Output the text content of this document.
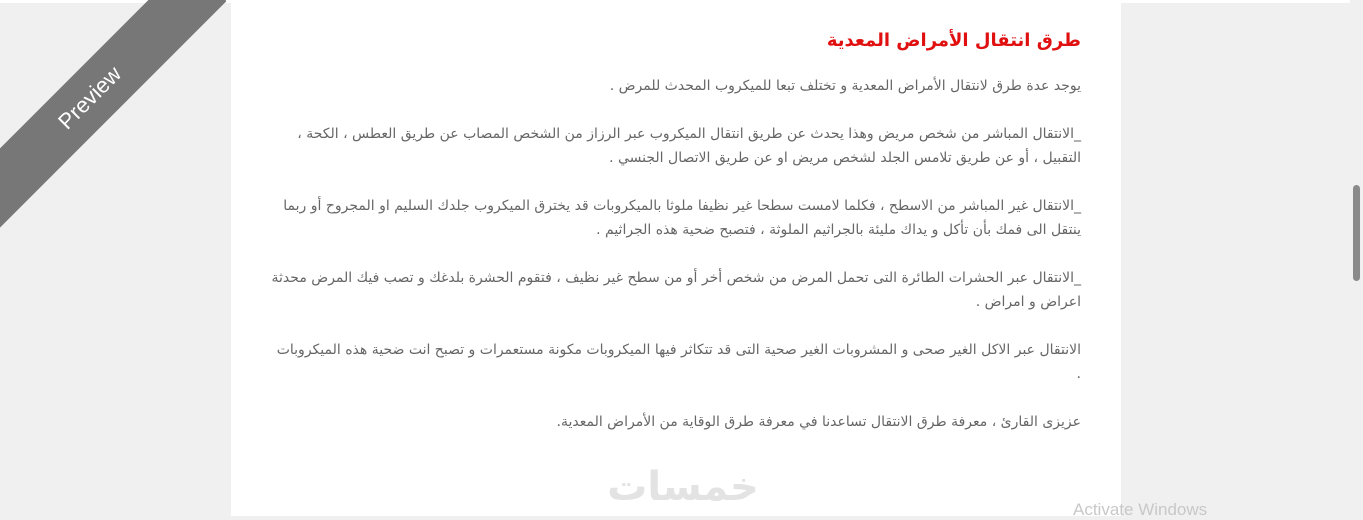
Preview
طرق انتقال الأمراض المعدية

يوجد عدة طرق لانتقال الأمراض المعدية و تختلف تبعا للميكروب المحدث للمرض .

_الانتقال المباشر من شخص مريض وهذا يحدث عن طريق انتقال الميكروب عبر الرزاز من الشخص المصاب عن طريق العطس ، الكحة ، التقبيل ، أو عن طريق تلامس الجلد لشخص مريض او عن طريق الاتصال الجنسي .

_الانتقال غير المباشر من الاسطح ، فكلما لامست سطحا غير نظيفا ملوثا بالميكروبات قد يخترق الميكروب جلدك السليم او المجروح أو ربما ينتقل الى فمك بأن تأكل و يداك مليئة بالجراثيم الملوثة ، فتصبح ضحية هذه الجراثيم .

_الانتقال عبر الحشرات الطائرة التى تحمل المرض من شخص أخر أو من سطح غير نظيف ، فتقوم الحشرة بلدغك و تصب فيك المرض محدثة اعراض و امراض .

الانتقال عبر الاكل الغير صحى و المشروبات الغير صحية التى قد تتكاثر فيها الميكروبات مكونة مستعمرات و تصبح انت ضحية هذه الميكروبات .

عزيزى القارئ ، معرفة طرق الانتقال تساعدنا في معرفة طرق الوقاية من الأمراض المعدية.

خمسات	Activate Windows
